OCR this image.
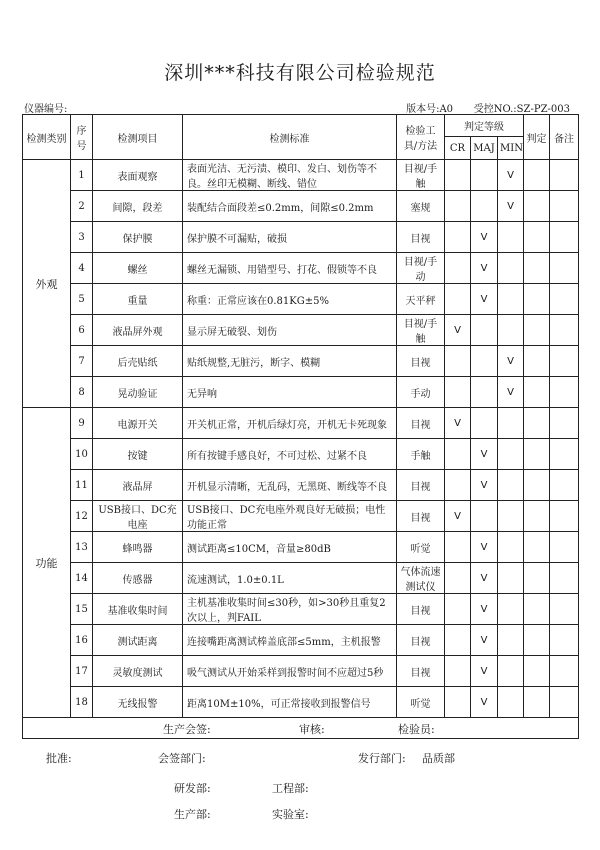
深圳***科技有限公司检验规范
仪器编号:	版本号:A0 受控NO.:SZ-PZ-003
检测类别	序号	检测项目	检测标准	检验工具/方法	判定等级			判定	备注
					CR	MAJ	MIN		
外观	1	表面观察	表面光洁、无污渍、模印、发白、划伤等不良。丝印无模糊、断线、错位	目视/手触			V		
	2	间隙，段差	装配结合面段差≤0.2mm，间隙≤0.2mm	塞规			V		
	3	保护膜	保护膜不可漏贴，破损	目视		V			
	4	螺丝	螺丝无漏锁、用错型号、打花、假锁等不良	目视/手动		V			
	5	重量	称重：正常应该在0.81KG±5%	天平秤		V			
	6	液晶屏外观	显示屏无破裂、划伤	目视/手触	V				
	7	后壳贴纸	贴纸规整,无脏污，断字、模糊	目视			V		
	8	晃动验证	无异响	手动			V		
功能	9	电源开关	开关机正常，开机后绿灯亮，开机无卡死现象	目视	V				
	10	按键	所有按键手感良好，不可过松、过紧不良	手触		V			
	11	液晶屏	开机显示清晰，无乱码，无黑斑、断线等不良	目视		V			
	12	USB接口、DC充电座	USB接口、DC充电座外观良好无破损；电性功能正常	目视	V				
	13	蜂鸣器	测试距离≤10CM，音量≥80dB	听觉		V			
	14	传感器	流速测试，1.0±0.1L	气体流速测试仪		V			
	15	基准收集时间	主机基准收集时间≤30秒，如>30秒且重复2次以上，判FAIL	目视		V			
	16	测试距离	连接嘴距离测试棒盖底部≤5mm，主机报警	目视		V			
	17	灵敏度测试	吸气测试从开始采样到报警时间不应超过5秒	目视		V			
	18	无线报警	距离10M±10%，可正常接收到报警信号	听觉		V			

生产会签: 审核: 检验员:									
批准:	会签部门:	发行部门: 品质部
研发部:	工程部:
生产部:	实验室:
